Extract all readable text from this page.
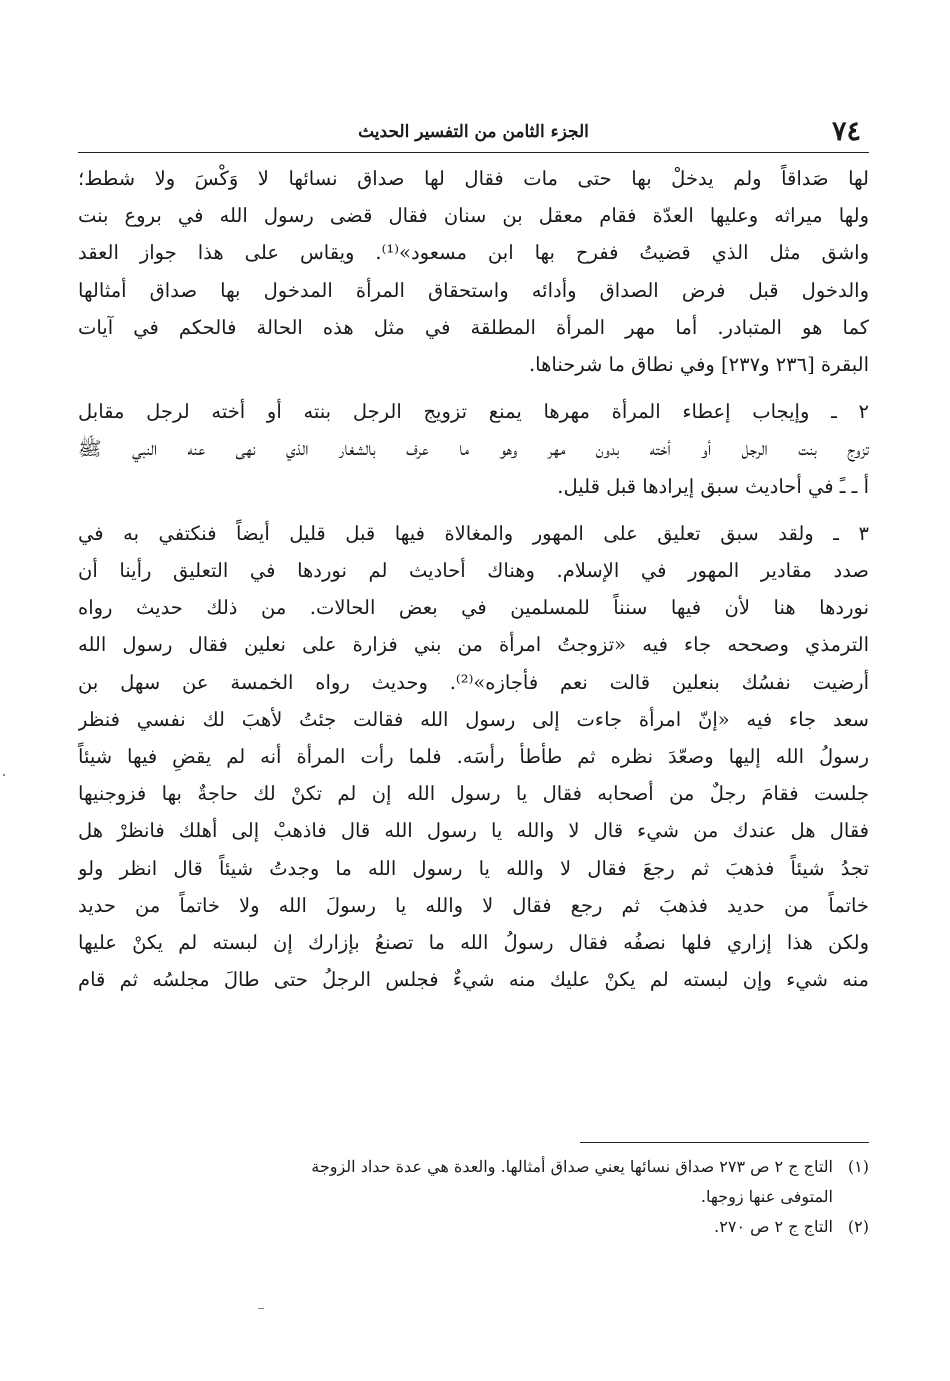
٧٤
الجزء الثامن من التفسير الحديث

لها صَداقاً ولم يدخلْ بها حتى مات فقال لها صداق نسائها لا وَكْسَ ولا شطط؛
ولها ميراثه وعليها العدّة فقام معقل بن سنان فقال قضى رسول الله في بروع بنت
واشق مثل الذي قضيتُ ففرح بها ابن مسعود»⁽¹⁾. ويقاس على هذا جواز العقد
والدخول قبل فرض الصداق وأدائه واستحقاق المرأة المدخول بها صداق أمثالها
كما هو المتبادر. أما مهر المرأة المطلقة في مثل هذه الحالة فالحكم في آيات
البقرة [٢٣٦ و٢٣٧] وفي نطاق ما شرحناها.

٢ ـ وإيجاب إعطاء المرأة مهرها يمنع تزويج الرجل بنته أو أخته لرجل مقابل
تزوج بنت الرجل أو أخته بدون مهر وهو ما عرف بالشغار الذي نهى عنه النبي ﷺ
أ ـ ـً في أحاديث سبق إيرادها قبل قليل.

٣ ـ ولقد سبق تعليق على المهور والمغالاة فيها قبل قليل أيضاً فنكتفي به في
صدد مقادير المهور في الإسلام. وهناك أحاديث لم نوردها في التعليق رأينا أن
نوردها هنا لأن فيها سنناً للمسلمين في بعض الحالات. من ذلك حديث رواه
الترمذي وصححه جاء فيه «تزوجتُ امرأة من بني فزارة على نعلين فقال رسول الله
أرضيت نفسُك بنعلين قالت نعم فأجازه»⁽²⁾. وحديث رواه الخمسة عن سهل بن
سعد جاء فيه «إنّ امرأة جاءت إلى رسول الله فقالت جئتُ لأهبَ لك نفسي فنظر
رسولُ الله إليها وصعّدَ نظره ثم طأطأ رأسَه. فلما رأت المرأة أنه لم يقضِ فيها شيئاً
جلست فقامَ رجلٌ من أصحابه فقال يا رسول الله إن لم تكنْ لك حاجةٌ بها فزوجنيها
فقال هل عندك من شيء قال لا والله يا رسول الله قال فاذهبْ إلى أهلك فانظرْ هل
تجدُ شيئاً فذهبَ ثم رجعَ فقال لا والله يا رسول الله ما وجدتُ شيئاً قال انظر ولو
خاتماً من حديد فذهبَ ثم رجع فقال لا والله يا رسولَ الله ولا خاتماً من حديد
ولكن هذا إزاري فلها نصفُه فقال رسولُ الله ما تصنعُ بإزارك إن لبسته لم يكنْ عليها
منه شيء وإن لبسته لم يكنْ عليك منه شيءٌ فجلس الرجلُ حتى طالَ مجلسُه ثم قام

(١)
التاج ج ٢ ص ٢٧٣ صداق نسائها يعني صداق أمثالها. والعدة هي عدة حداد الزوجة
المتوفى عنها زوجها.
(٢)
التاج ج ٢ ص ٢٧٠.
